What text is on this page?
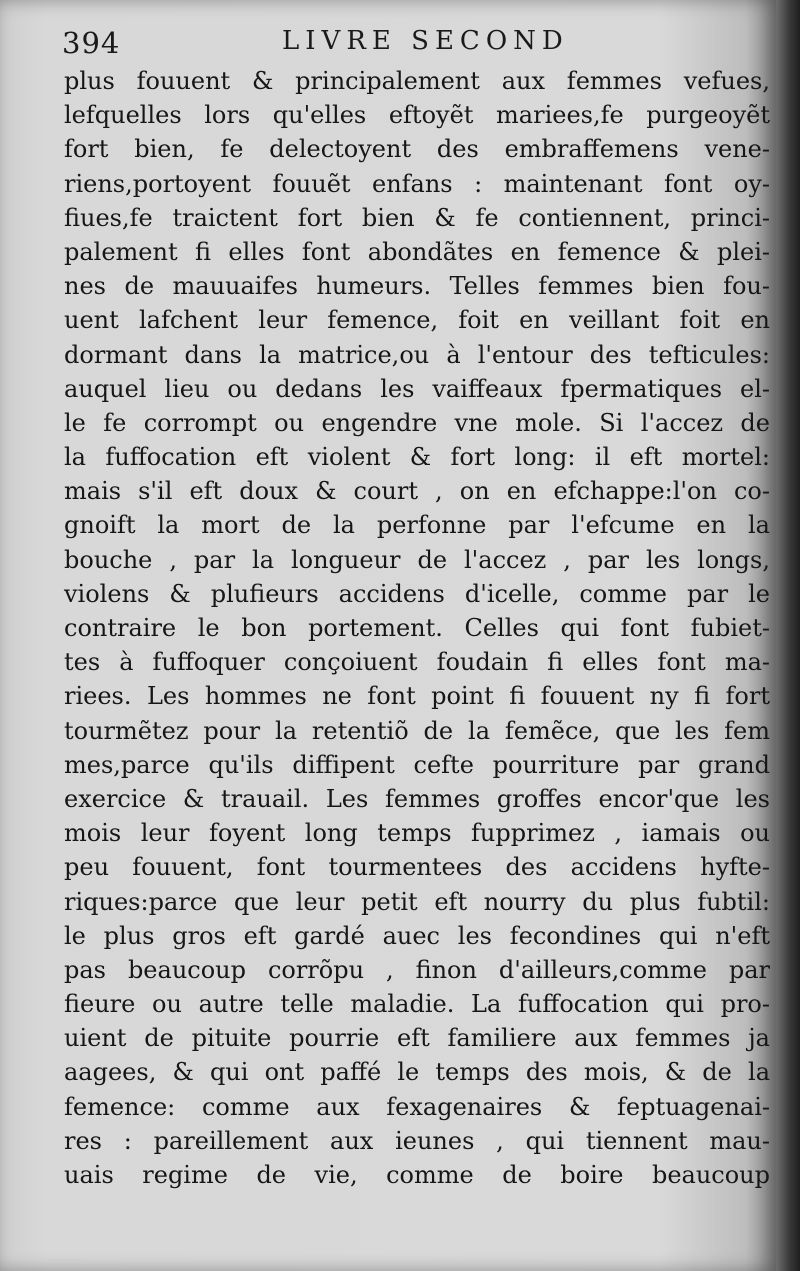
394	LIVRE SECOND
plus fouuent & principalement aux femmes vefues,
lefquelles lors qu'elles eftoyẽt mariees,fe purgeoyẽt
fort bien, fe delectoyent des embraffemens vene-
riens,portoyent fouuẽt enfans : maintenant font oy-
fiues,fe traictent fort bien & fe contiennent, princi-
palement fi elles font abondãtes en femence & plei-
nes de mauuaifes humeurs. Telles femmes bien fou-
uent lafchent leur femence, foit en veillant foit en
dormant dans la matrice,ou à l'entour des tefticules:
auquel lieu ou dedans les vaiffeaux fpermatiques el-
le fe corrompt ou engendre vne mole. Si l'accez de
la fuffocation eft violent & fort long: il eft mortel:
mais s'il eft doux & court , on en efchappe:l'on co-
gnoift la mort de la perfonne par l'efcume en la
bouche , par la longueur de l'accez , par les longs,
violens & plufieurs accidens d'icelle, comme par le
contraire le bon portement. Celles qui font fubiet-
tes à fuffoquer conçoiuent foudain fi elles font ma-
riees. Les hommes ne font point fi fouuent ny fi fort
tourmẽtez pour la retentiõ de la femẽce, que les fem
mes,parce qu'ils diffipent cefte pourriture par grand
exercice & trauail. Les femmes groffes encor'que les
mois leur foyent long temps fupprimez , iamais ou
peu fouuent, font tourmentees des accidens hyfte-
riques:parce que leur petit eft nourry du plus fubtil:
le plus gros eft gardé auec les fecondines qui n'eft
pas beaucoup corrõpu , finon d'ailleurs,comme par
fieure ou autre telle maladie. La fuffocation qui pro-
uient de pituite pourrie eft familiere aux femmes ja
aagees, & qui ont paffé le temps des mois, & de la
femence: comme aux fexagenaires & feptuagenai-
res : pareillement aux ieunes , qui tiennent mau-
uais regime de vie, comme de boire beaucoup
